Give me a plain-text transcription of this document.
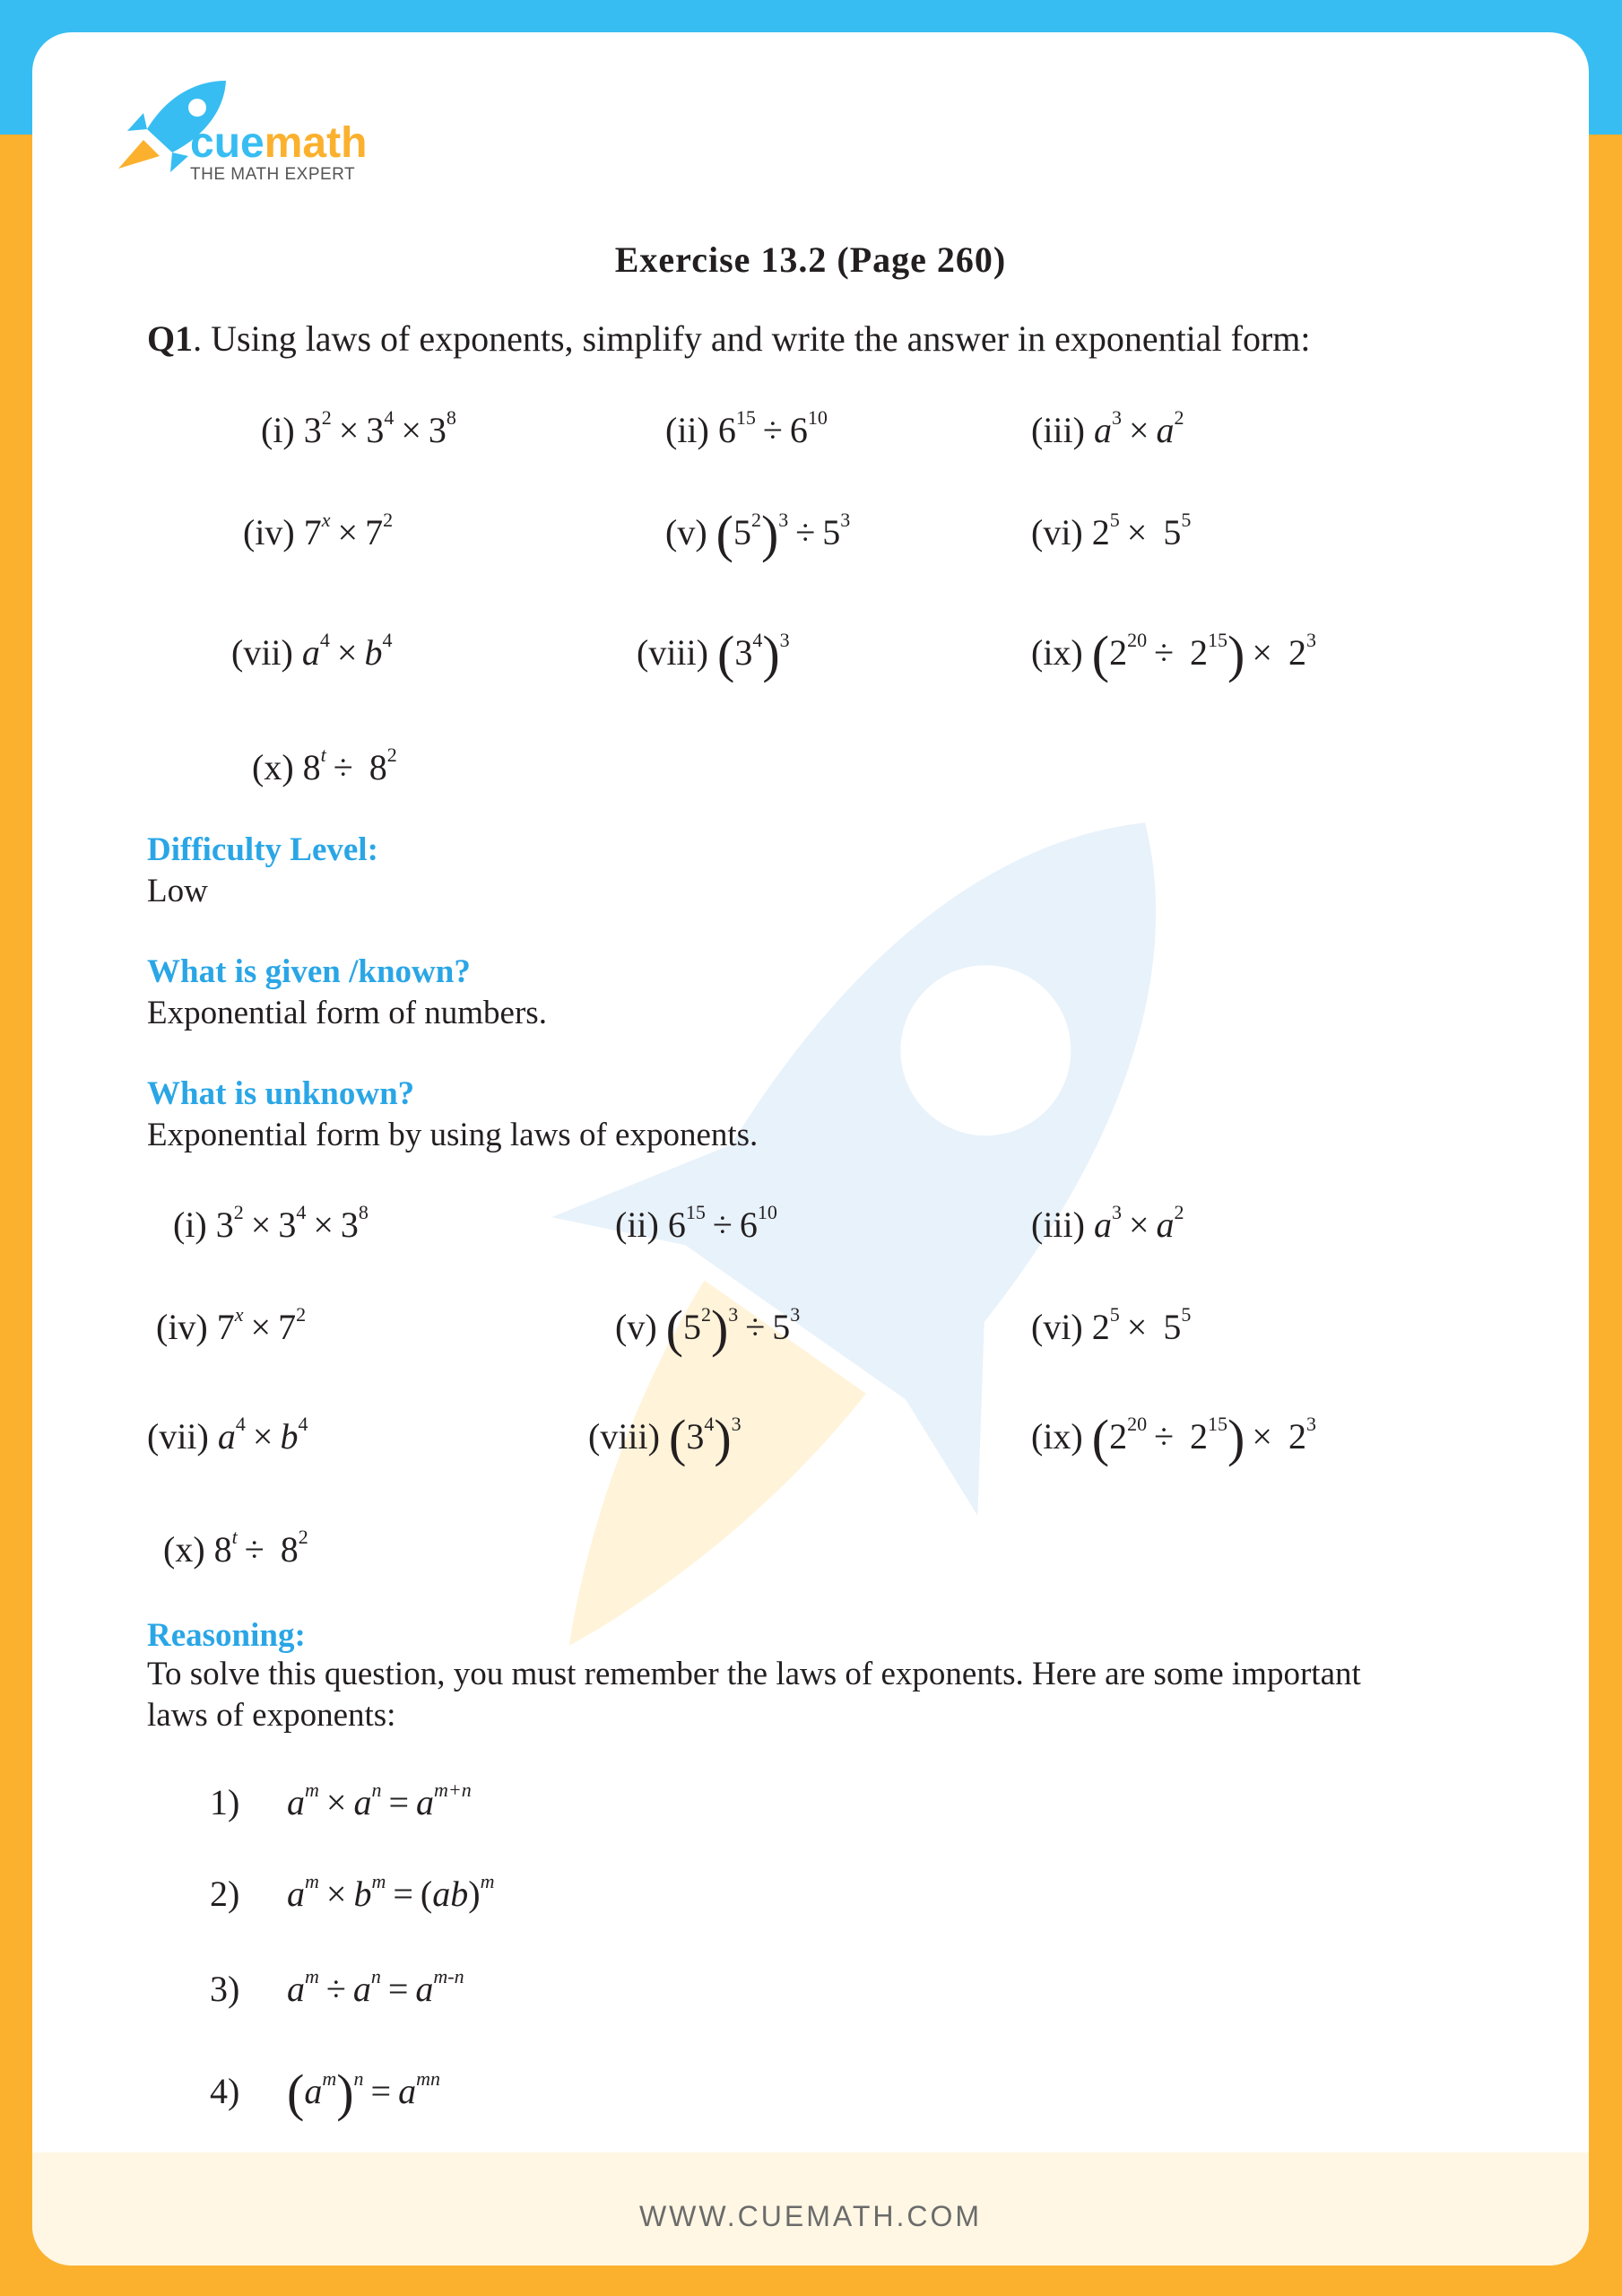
cuemath
THE MATH EXPERT
Exercise 13.2 (Page 260)
Q1. Using laws of exponents, simplify and write the answer in exponential form:
(i) $3^2 \times 3^4 \times 3^8$	(ii) $6^{15} \div 6^{10}$	(iii) $a^3 \times a^2$
(iv) $7^x \times 7^2$	(v) $(5^2)^3 \div 5^3$	(vi) $2^5 \times 5^5$
(vii) $a^4 \times b^4$	(viii) $(3^4)^3$	(ix) $(2^{20} \div 2^{15}) \times 2^3$
(x) $8^t \div 8^2$
Difficulty Level:
Low
What is given /known?
Exponential form of numbers.
What is unknown?
Exponential form by using laws of exponents.
(i) $3^2 \times 3^4 \times 3^8$	(ii) $6^{15} \div 6^{10}$	(iii) $a^3 \times a^2$
(iv) $7^x \times 7^2$	(v) $(5^2)^3 \div 5^3$	(vi) $2^5 \times 5^5$
(vii) $a^4 \times b^4$	(viii) $(3^4)^3$	(ix) $(2^{20} \div 2^{15}) \times 2^3$
(x) $8^t \div 8^2$
Reasoning:
To solve this question, you must remember the laws of exponents. Here are some important laws of exponents:
1) $a^m \times a^n = a^{m+n}$
2) $a^m \times b^m = (ab)^m$
3) $a^m \div a^n = a^{m-n}$
4) $(a^m)^n = a^{mn}$
WWW.CUEMATH.COM
